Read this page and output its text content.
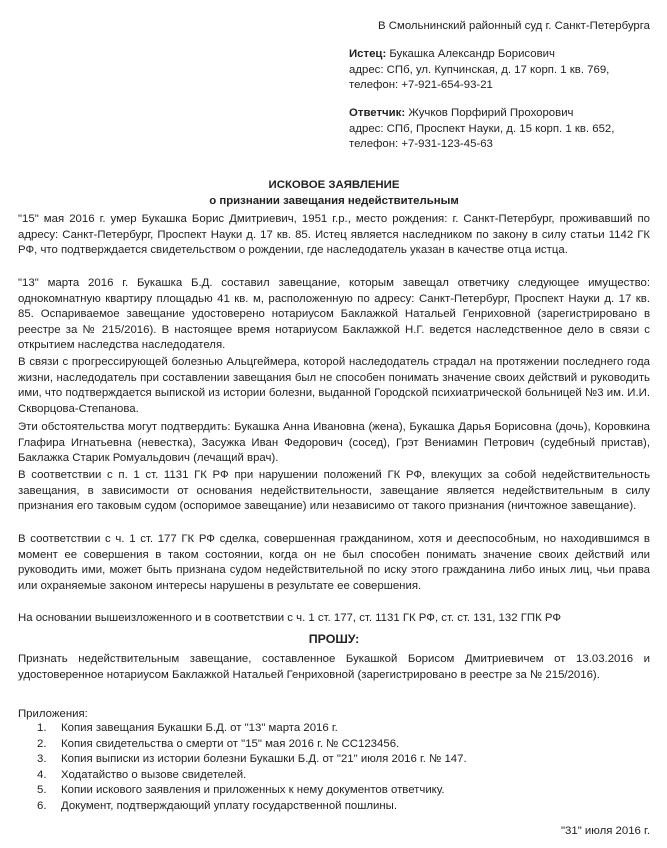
В Смольнинский районный суд г. Санкт-Петербурга
Истец: Букашка Александр Борисович
адрес: СПб, ул. Купчинская, д. 17 корп. 1 кв. 769,
телефон: +7-921-654-93-21
Ответчик: Жучков Порфирий Прохорович
адрес: СПб, Проспект Науки, д. 15 корп. 1 кв. 652,
телефон: +7-931-123-45-63
ИСКОВОЕ ЗАЯВЛЕНИЕ
о признании завещания недействительным

"15" мая 2016 г. умер Букашка Борис Дмитриевич, 1951 г.р., место рождения: г. Санкт-Петербург, проживавший по адресу: Санкт-Петербург, Проспект Науки д. 17 кв. 85. Истец является наследником по закону в силу статьи 1142 ГК РФ, что подтверждается свидетельством о рождении, где наследодатель указан в качестве отца истца.

"13" марта 2016 г. Букашка Б.Д. составил завещание, которым завещал ответчику следующее имущество: однокомнатную квартиру площадью 41 кв. м, расположенную по адресу: Санкт-Петербург, Проспект Науки д. 17 кв. 85. Оспариваемое завещание удостоверено нотариусом Баклажкой Натальей Генриховной (зарегистрировано в реестре за № 215/2016). В настоящее время нотариусом Баклажкой Н.Г. ведется наследственное дело в связи с открытием наследства наследодателя.

В связи с прогрессирующей болезнью Альцгеймера, которой наследодатель страдал на протяжении последнего года жизни, наследодатель при составлении завещания был не способен понимать значение своих действий и руководить ими, что подтверждается выпиской из истории болезни, выданной Городской психиатрической больницей №3 им. И.И. Скворцова-Степанова.

Эти обстоятельства могут подтвердить: Букашка Анна Ивановна (жена), Букашка Дарья Борисовна (дочь), Коровкина Глафира Игнатьевна (невестка), Засужка Иван Федорович (сосед), Грэт Вениамин Петрович (судебный пристав), Баклажка Старик Ромуальдович (лечащий врач).

В соответствии с п. 1 ст. 1131 ГК РФ при нарушении положений ГК РФ, влекущих за собой недействительность завещания, в зависимости от основания недействительности, завещание является недействительным в силу признания его таковым судом (оспоримое завещание) или независимо от такого признания (ничтожное завещание).

В соответствии с ч. 1 ст. 177 ГК РФ сделка, совершенная гражданином, хотя и дееспособным, но находившимся в момент ее совершения в таком состоянии, когда он не был способен понимать значение своих действий или руководить ими, может быть признана судом недействительной по иску этого гражданина либо иных лиц, чьи права или охраняемые законом интересы нарушены в результате ее совершения.

На основании вышеизложенного и в соответствии с ч. 1 ст. 177, ст. 1131 ГК РФ, ст. ст. 131, 132 ГПК РФ

ПРОШУ:

Признать недействительным завещание, составленное Букашкой Борисом Дмитриевичем от 13.03.2016 и удостоверенное нотариусом Баклажкой Натальей Генриховной (зарегистрировано в реестре за № 215/2016).

Приложения:
1. Копия завещания Букашки Б.Д. от "13" марта 2016 г.
2. Копия свидетельства о смерти от "15" мая 2016 г. № СС123456.
3. Копия выписки из истории болезни Букашки Б.Д. от "21" июля 2016 г. № 147.
4. Ходатайство о вызове свидетелей.
5. Копии искового заявления и приложенных к нему документов ответчику.
6. Документ, подтверждающий уплату государственной пошлины.
"31" июля 2016 г.
